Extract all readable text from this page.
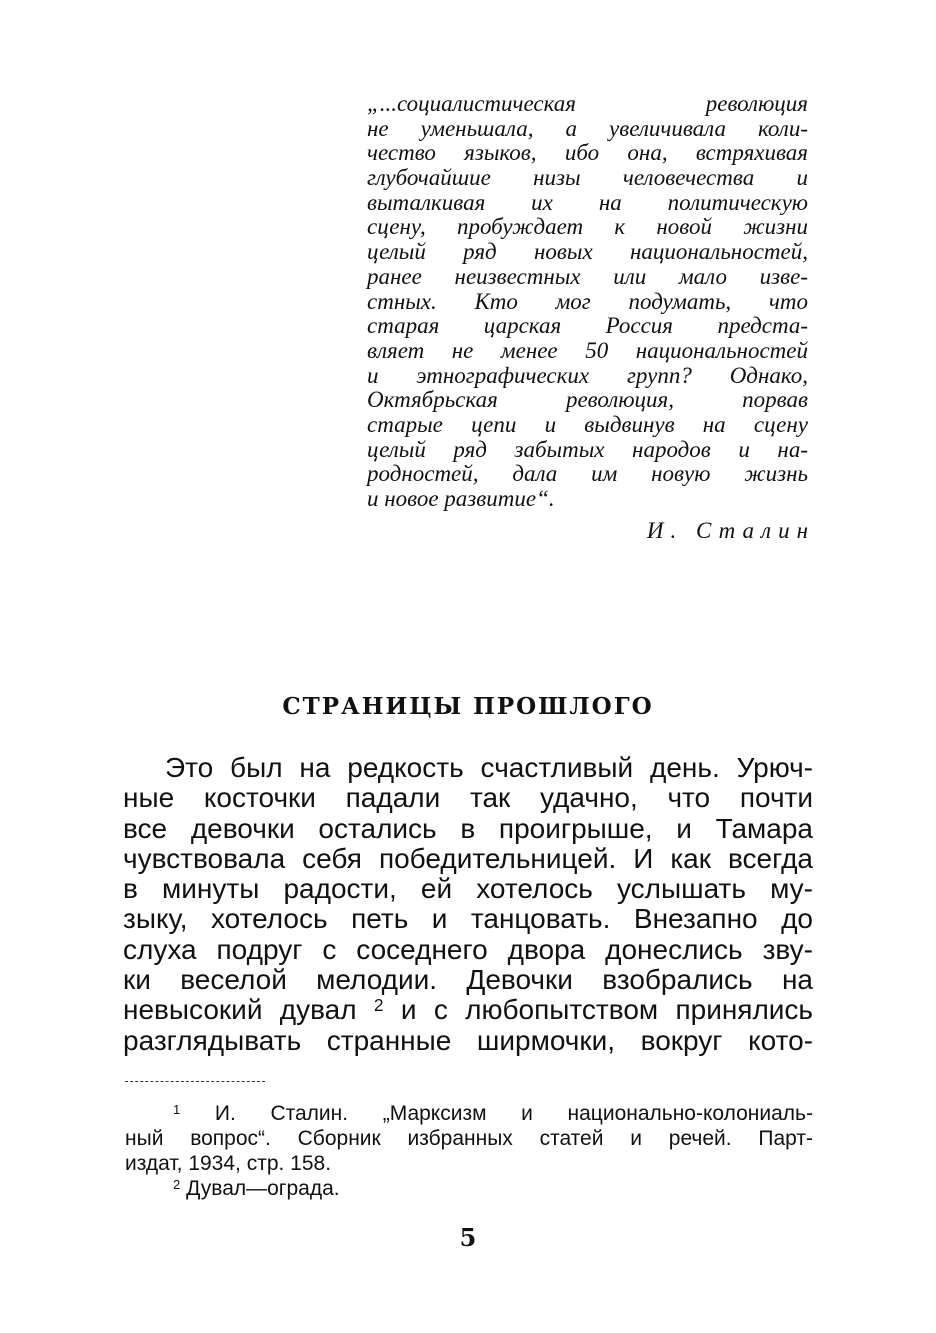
„...социалистическая революция
не уменьшала, а увеличивала коли-
чество языков, ибо она, встряхивая
глубочайшие низы человечества и
выталкивая их на политическую
сцену, пробуждает к новой жизни
целый ряд новых национальностей,
ранее неизвестных или мало изве-
стных. Кто мог подумать, что
старая царская Россия предста-
вляет не менее 50 национальностей
и этнографических групп? Однако,
Октябрьская революция, порвав
старые цепи и выдвинув на сцену
целый ряд забытых народов и на-
родностей, дала им новую жизнь
и новое развитие“.
И. Сталин
СТРАНИЦЫ ПРОШЛОГО
Это был на редкость счастливый день. Урюч-
ные косточки падали так удачно, что почти
все девочки остались в проигрыше, и Тамара
чувствовала себя победительницей. И как всегда
в минуты радости, ей хотелось услышать му-
зыку, хотелось петь и танцовать. Внезапно до
слуха подруг с соседнего двора донеслись зву-
ки веселой мелодии. Девочки взобрались на
невысокий дувал $^2$ и с любопытством принялись
разглядывать странные ширмочки, вокруг кото-
$^1$ И. Сталин. „Марксизм и национально-колониаль-
ный вопрос“. Сборник избранных статей и речей. Парт-
издат, 1934, стр. 158.
$^2$ Дувал—ограда.
5
